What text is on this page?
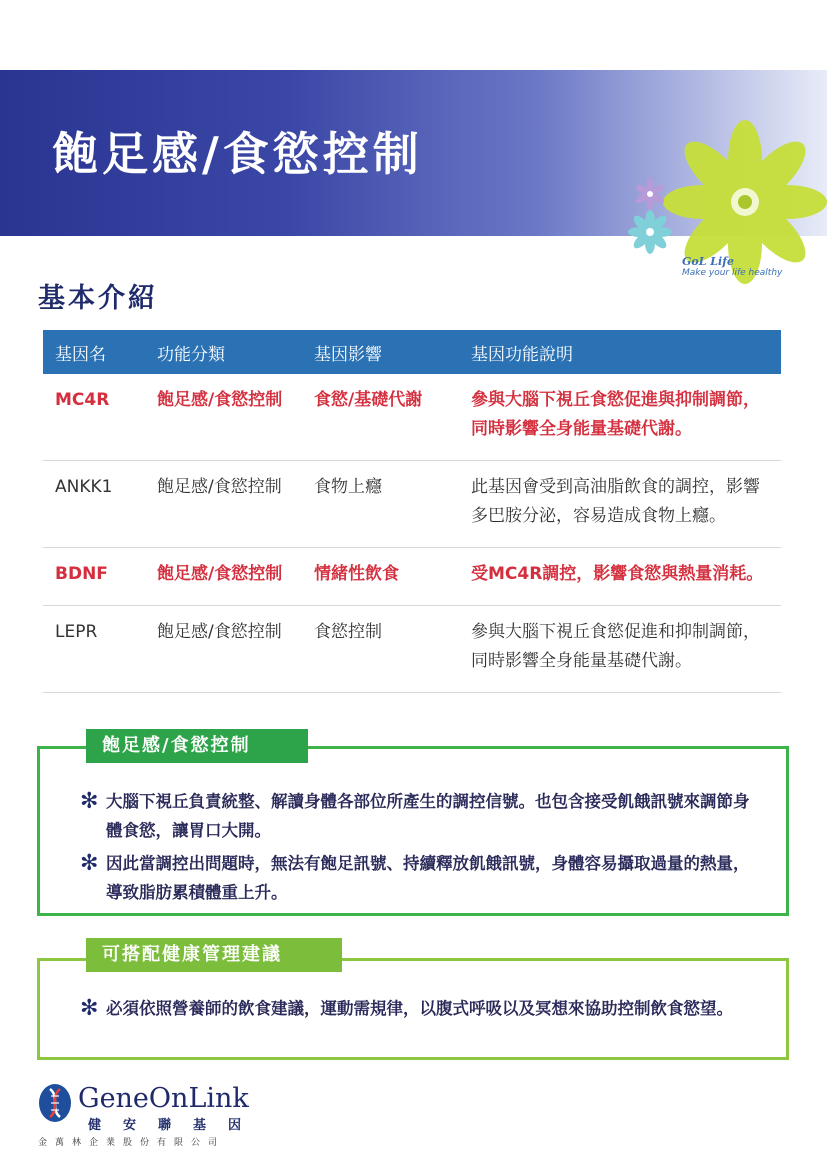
飽足感/食慾控制
GoL Life
Make your life healthy
基本介紹
基因名	功能分類	基因影響	基因功能說明
MC4R	飽足感/食慾控制	食慾/基礎代謝	參與大腦下視丘食慾促進與抑制調節，同時影響全身能量基礎代謝。
ANKK1	飽足感/食慾控制	食物上癮	此基因會受到高油脂飲食的調控，影響多巴胺分泌，容易造成食物上癮。
BDNF	飽足感/食慾控制	情緒性飲食	受MC4R調控，影響食慾與熱量消耗。
LEPR	飽足感/食慾控制	食慾控制	參與大腦下視丘食慾促進和抑制調節，同時影響全身能量基礎代謝。
飽足感/食慾控制
✻ 大腦下視丘負責統整、解讀身體各部位所產生的調控信號。也包含接受飢餓訊號來調節身體食慾，讓胃口大開。
✻ 因此當調控出問題時，無法有飽足訊號、持續釋放飢餓訊號，身體容易攝取過量的熱量，導致脂肪累積體重上升。
可搭配健康管理建議
✻ 必須依照營養師的飲食建議，運動需規律，以腹式呼吸以及冥想來協助控制飲食慾望。
GeneOnLink
健安聯基因
金萬林企業股份有限公司
